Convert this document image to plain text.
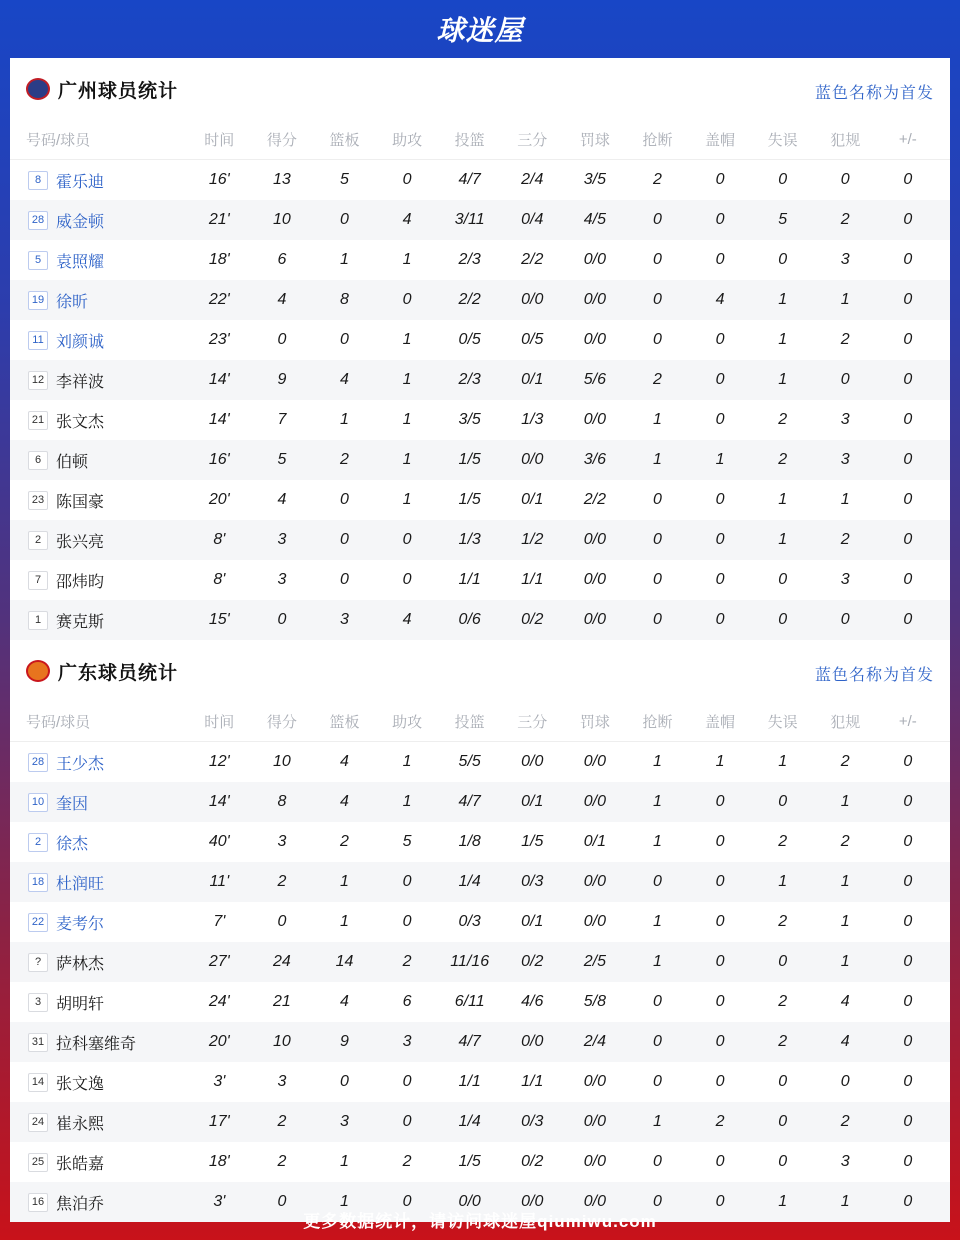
球迷屋
广州球员统计	蓝色名称为首发
号码/球员	时间	得分	篮板	助攻	投篮	三分	罚球	抢断	盖帽	失误	犯规	+/-
8 霍乐迪	16'	13	5	0	4/7	2/4	3/5	2	0	0	0	0
28 威金顿	21'	10	0	4	3/11	0/4	4/5	0	0	5	2	0
5 袁照耀	18'	6	1	1	2/3	2/2	0/0	0	0	0	3	0
19 徐昕	22'	4	8	0	2/2	0/0	0/0	0	4	1	1	0
11 刘颜诚	23'	0	0	1	0/5	0/5	0/0	0	0	1	2	0
12 李祥波	14'	9	4	1	2/3	0/1	5/6	2	0	1	0	0
21 张文杰	14'	7	1	1	3/5	1/3	0/0	1	0	2	3	0
6 伯顿	16'	5	2	1	1/5	0/0	3/6	1	1	2	3	0
23 陈国豪	20'	4	0	1	1/5	0/1	2/2	0	0	1	1	0
2 张兴亮	8'	3	0	0	1/3	1/2	0/0	0	0	1	2	0
7 邵炜昀	8'	3	0	0	1/1	1/1	0/0	0	0	0	3	0
1 赛克斯	15'	0	3	4	0/6	0/2	0/0	0	0	0	0	0
广东球员统计	蓝色名称为首发
号码/球员	时间	得分	篮板	助攻	投篮	三分	罚球	抢断	盖帽	失误	犯规	+/-
28 王少杰	12'	10	4	1	5/5	0/0	0/0	1	1	1	2	0
10 奎因	14'	8	4	1	4/7	0/1	0/0	1	0	0	1	0
2 徐杰	40'	3	2	5	1/8	1/5	0/1	1	0	2	2	0
18 杜润旺	11'	2	1	0	1/4	0/3	0/0	0	0	1	1	0
22 麦考尔	7'	0	1	0	0/3	0/1	0/0	1	0	2	1	0
? 萨林杰	27'	24	14	2	11/16	0/2	2/5	1	0	0	1	0
3 胡明轩	24'	21	4	6	6/11	4/6	5/8	0	0	2	4	0
31 拉科塞维奇	20'	10	9	3	4/7	0/0	2/4	0	0	2	4	0
14 张文逸	3'	3	0	0	1/1	1/1	0/0	0	0	0	0	0
24 崔永熙	17'	2	3	0	1/4	0/3	0/0	1	2	0	2	0
25 张皓嘉	18'	2	1	2	1/5	0/2	0/0	0	0	0	3	0
16 焦泊乔	3'	0	1	0	0/0	0/0	0/0	0	0	1	1	0
更多数据统计，请访问球迷屋qiumiwu.com
